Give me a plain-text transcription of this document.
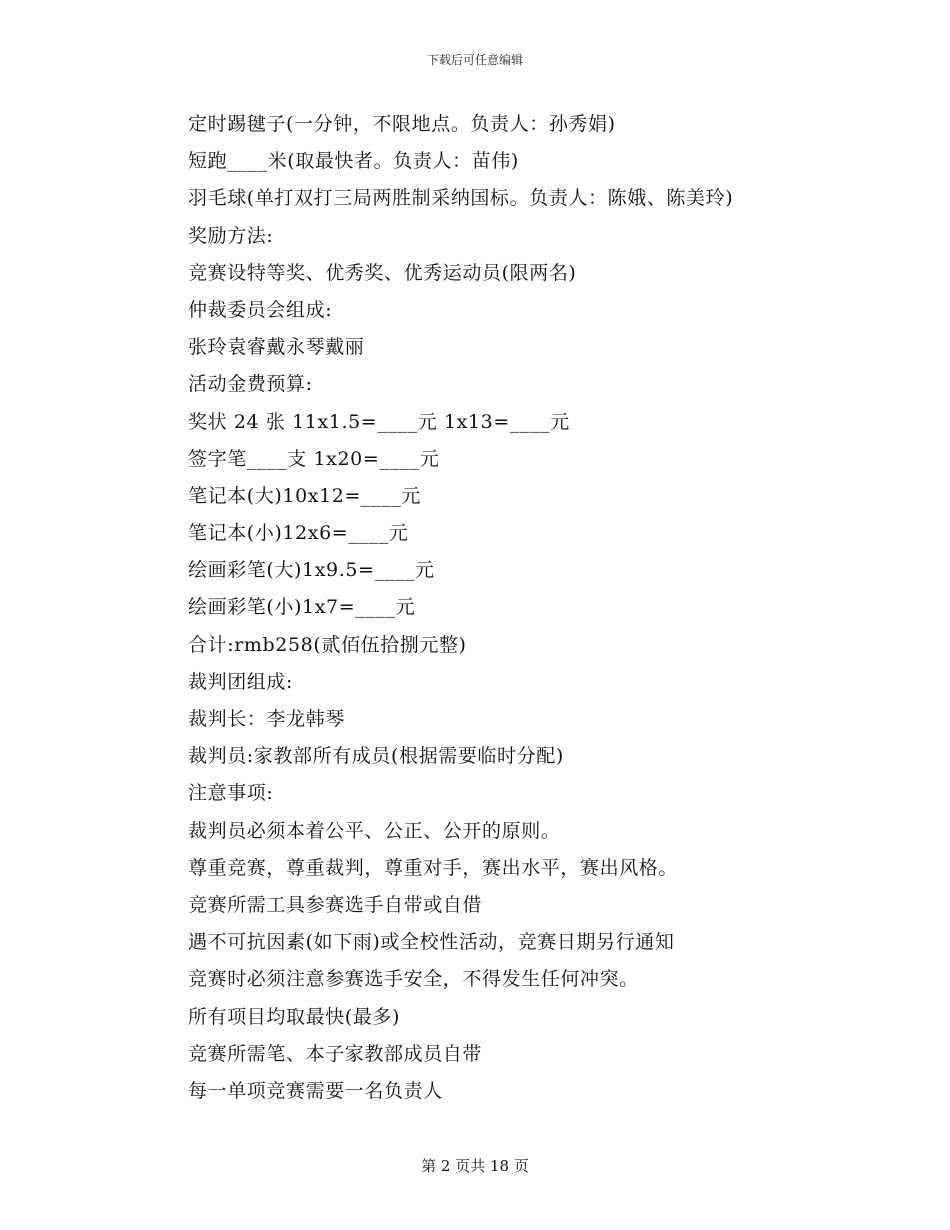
下载后可任意编辑
定时踢毽子(一分钟，不限地点。负责人：孙秀娟)
短跑____米(取最快者。负责人：苗伟)
羽毛球(单打双打三局两胜制采纳国标。负责人：陈娥、陈美玲)
奖励方法:
竞赛设特等奖、优秀奖、优秀运动员(限两名)
仲裁委员会组成:
张玲袁睿戴永琴戴丽
活动金费预算:
奖状 24 张 11x1.5=____元 1x13=____元
签字笔____支 1x20=____元
笔记本(大)10x12=____元
笔记本(小)12x6=____元
绘画彩笔(大)1x9.5=____元
绘画彩笔(小)1x7=____元
合计:rmb258(贰佰伍拾捌元整)
裁判团组成:
裁判长：李龙韩琴
裁判员:家教部所有成员(根据需要临时分配)
注意事项:
裁判员必须本着公平、公正、公开的原则。
尊重竞赛，尊重裁判，尊重对手，赛出水平，赛出风格。
竞赛所需工具参赛选手自带或自借
遇不可抗因素(如下雨)或全校性活动，竞赛日期另行通知
竞赛时必须注意参赛选手安全，不得发生任何冲突。
所有项目均取最快(最多)
竞赛所需笔、本子家教部成员自带
每一单项竞赛需要一名负责人
第 2 页共 18 页
